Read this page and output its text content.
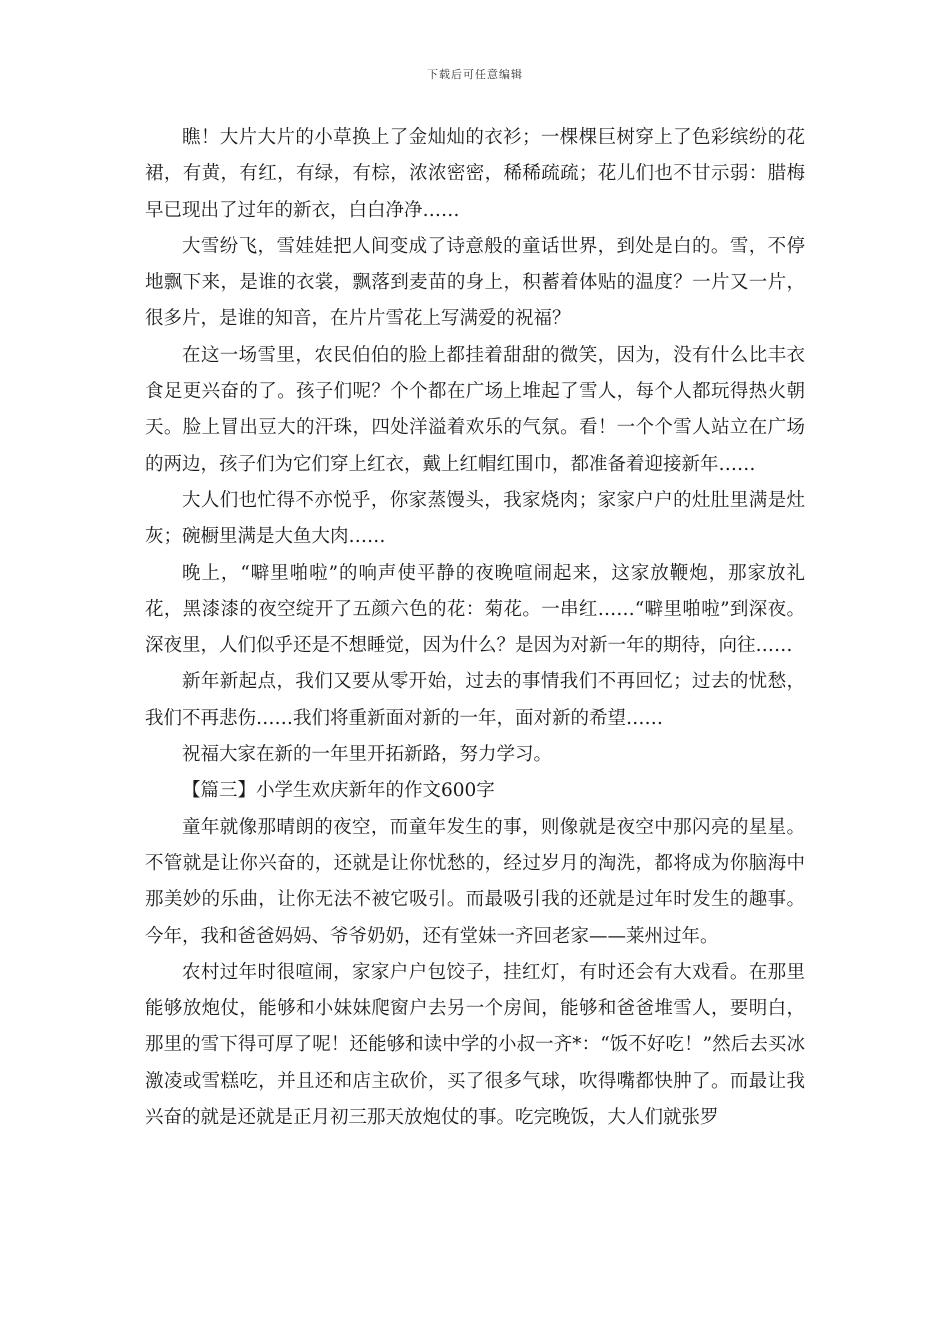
下载后可任意编辑

瞧！大片大片的小草换上了金灿灿的衣衫；一棵棵巨树穿上了色彩缤纷的花裙，有黄，有红，有绿，有棕，浓浓密密，稀稀疏疏；花儿们也不甘示弱：腊梅早已现出了过年的新衣，白白净净……

大雪纷飞，雪娃娃把人间变成了诗意般的童话世界，到处是白的。雪，不停地飘下来，是谁的衣裳，飘落到麦苗的身上，积蓄着体贴的温度？一片又一片，很多片，是谁的知音，在片片雪花上写满爱的祝福？

在这一场雪里，农民伯伯的脸上都挂着甜甜的微笑，因为，没有什么比丰衣食足更兴奋的了。孩子们呢？个个都在广场上堆起了雪人，每个人都玩得热火朝天。脸上冒出豆大的汗珠，四处洋溢着欢乐的气氛。看！一个个雪人站立在广场的两边，孩子们为它们穿上红衣，戴上红帽红围巾，都准备着迎接新年……

大人们也忙得不亦悦乎，你家蒸馒头，我家烧肉；家家户户的灶肚里满是灶灰；碗橱里满是大鱼大肉……

晚上，“噼里啪啦”的响声使平静的夜晚喧闹起来，这家放鞭炮，那家放礼花，黑漆漆的夜空绽开了五颜六色的花：菊花。一串红……“噼里啪啦”到深夜。深夜里，人们似乎还是不想睡觉，因为什么？是因为对新一年的期待，向往……

新年新起点，我们又要从零开始，过去的事情我们不再回忆；过去的忧愁，我们不再悲伤……我们将重新面对新的一年，面对新的希望……

祝福大家在新的一年里开拓新路，努力学习。

【篇三】小学生欢庆新年的作文600字

童年就像那晴朗的夜空，而童年发生的事，则像就是夜空中那闪亮的星星。不管就是让你兴奋的，还就是让你忧愁的，经过岁月的淘洗，都将成为你脑海中那美妙的乐曲，让你无法不被它吸引。而最吸引我的还就是过年时发生的趣事。今年，我和爸爸妈妈、爷爷奶奶，还有堂妹一齐回老家——莱州过年。

农村过年时很喧闹，家家户户包饺子，挂红灯，有时还会有大戏看。在那里能够放炮仗，能够和小妹妹爬窗户去另一个房间，能够和爸爸堆雪人，要明白，那里的雪下得可厚了呢！还能够和读中学的小叔一齐*：“饭不好吃！”然后去买冰激凌或雪糕吃，并且还和店主砍价，买了很多气球，吹得嘴都快肿了。而最让我兴奋的就是还就是正月初三那天放炮仗的事。吃完晚饭，大人们就张罗
